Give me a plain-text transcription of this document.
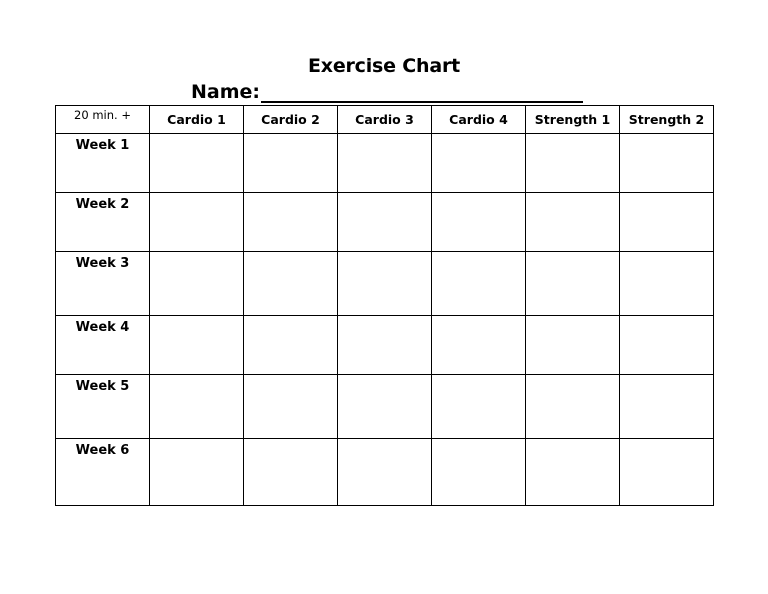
Exercise Chart
Name:
20 min. +	Cardio 1	Cardio 2	Cardio 3	Cardio 4	Strength 1	Strength 2
Week 1						
Week 2						
Week 3						
Week 4						
Week 5						
Week 6						
